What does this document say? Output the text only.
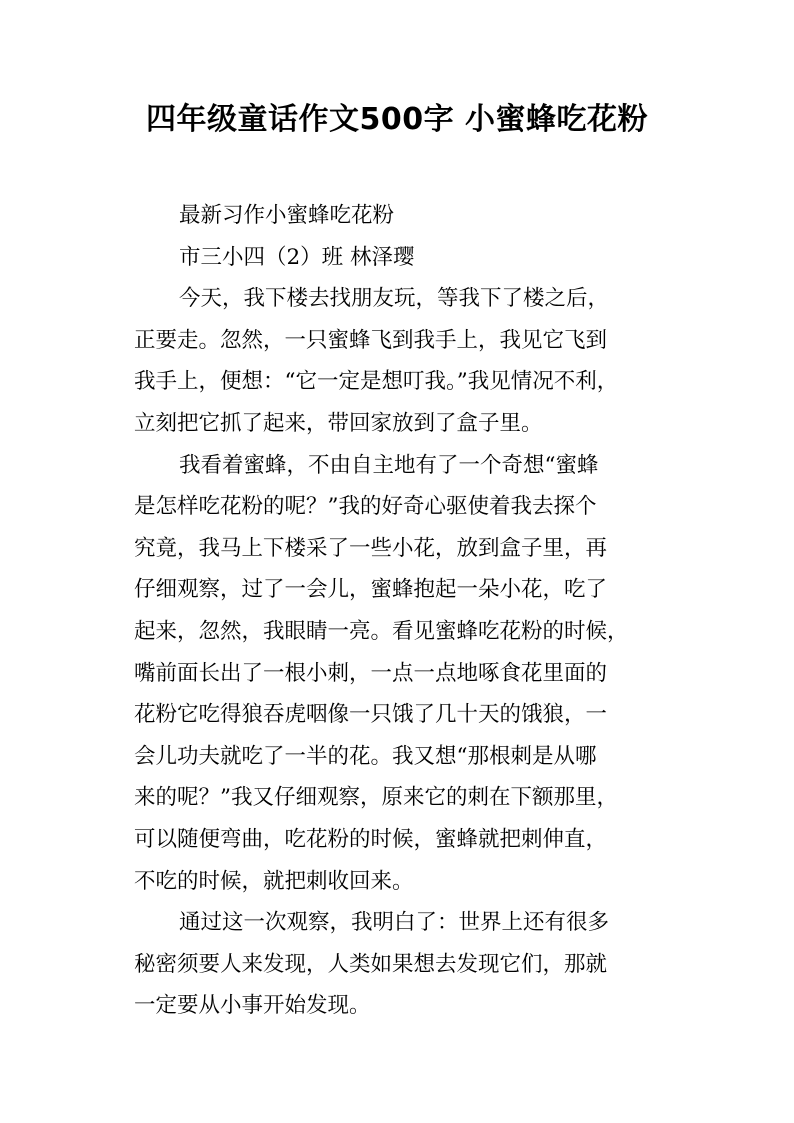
四年级童话作文500字 小蜜蜂吃花粉
最新习作小蜜蜂吃花粉
市三小四（2）班 林泽璎
今天，我下楼去找朋友玩，等我下了楼之后，
正要走。忽然，一只蜜蜂飞到我手上，我见它飞到
我手上，便想：“它一定是想叮我。”我见情况不利，
立刻把它抓了起来，带回家放到了盒子里。
我看着蜜蜂，不由自主地有了一个奇想“蜜蜂
是怎样吃花粉的呢？”我的好奇心驱使着我去探个
究竟，我马上下楼采了一些小花，放到盒子里，再
仔细观察，过了一会儿，蜜蜂抱起一朵小花，吃了
起来，忽然，我眼睛一亮。看见蜜蜂吃花粉的时候，
嘴前面长出了一根小刺，一点一点地啄食花里面的
花粉它吃得狼吞虎咽像一只饿了几十天的饿狼，一
会儿功夫就吃了一半的花。我又想“那根刺是从哪
来的呢？”我又仔细观察，原来它的刺在下额那里，
可以随便弯曲，吃花粉的时候，蜜蜂就把刺伸直，
不吃的时候，就把刺收回来。
通过这一次观察，我明白了：世界上还有很多
秘密须要人来发现，人类如果想去发现它们，那就
一定要从小事开始发现。
